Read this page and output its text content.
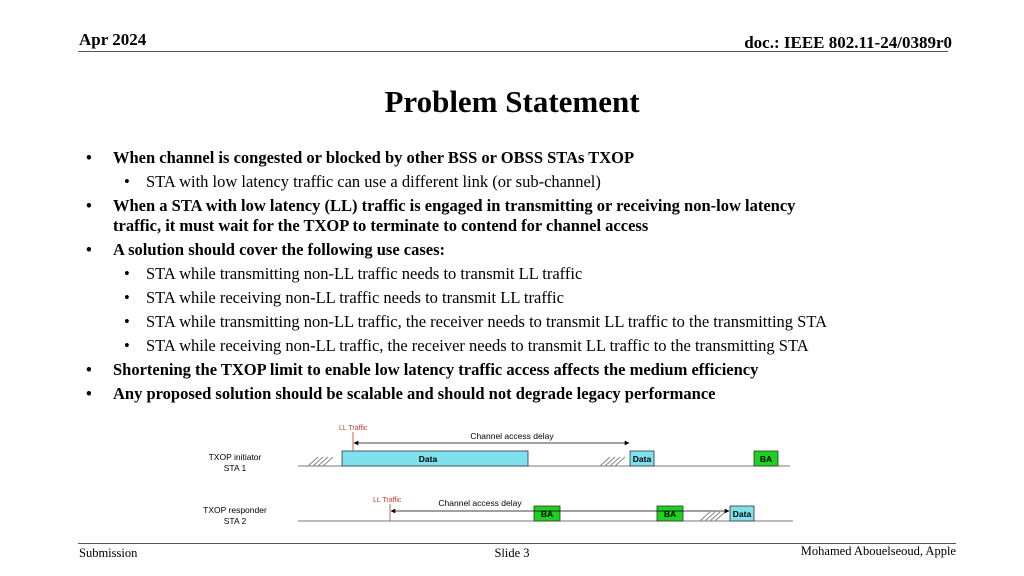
Apr 2024	doc.: IEEE 802.11-24/0389r0
Problem Statement

• When channel is congested or blocked by other BSS or OBSS STAs TXOP

• STA with low latency traffic can use a different link (or sub-channel)

• When a STA with low latency (LL) traffic is engaged in transmitting or receiving non-low latency

traffic, it must wait for the TXOP to terminate to contend for channel access

• A solution should cover the following use cases:

• STA while transmitting non-LL traffic needs to transmit LL traffic

• STA while receiving non-LL traffic needs to transmit LL traffic

• STA while transmitting non-LL traffic, the receiver needs to transmit LL traffic to the transmitting STA

• STA while receiving non-LL traffic, the receiver needs to transmit LL traffic to the transmitting STA

• Shortening the TXOP limit to enable low latency traffic access affects the medium efficiency

• Any proposed solution should be scalable and should not degrade legacy performance

TXOP initiator
STA 1
Data	Data	BA
LL Traffic
Channel access delay
TXOP responder
STA 2
BA	BA	Data
LL Traffic	Channel access delay
Submission	Slide 3	Mohamed Abouelseoud, Apple
